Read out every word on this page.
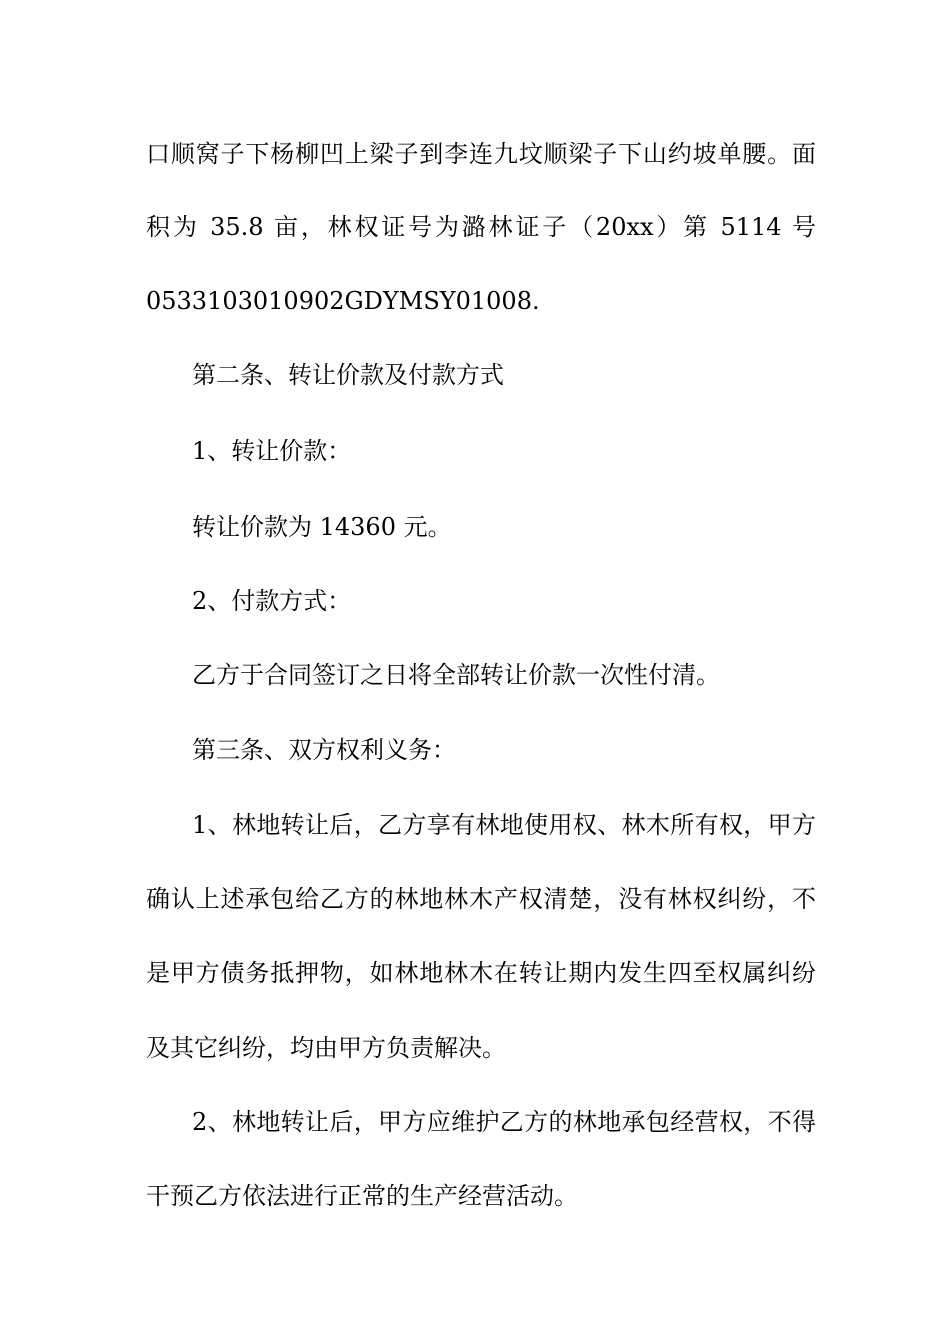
口顺窝子下杨柳凹上梁子到李连九坟顺梁子下山约坡单腰。面
积为 35.8 亩，林权证号为潞林证子（20xx）第 5114 号
0533103010902GDYMSY01008.
第二条、转让价款及付款方式
1、转让价款：
转让价款为 14360 元。
2、付款方式：
乙方于合同签订之日将全部转让价款一次性付清。
第三条、双方权利义务：
1、林地转让后，乙方享有林地使用权、林木所有权，甲方
确认上述承包给乙方的林地林木产权清楚，没有林权纠纷，不
是甲方债务抵押物，如林地林木在转让期内发生四至权属纠纷
及其它纠纷，均由甲方负责解决。
2、林地转让后，甲方应维护乙方的林地承包经营权，不得
干预乙方依法进行正常的生产经营活动。
